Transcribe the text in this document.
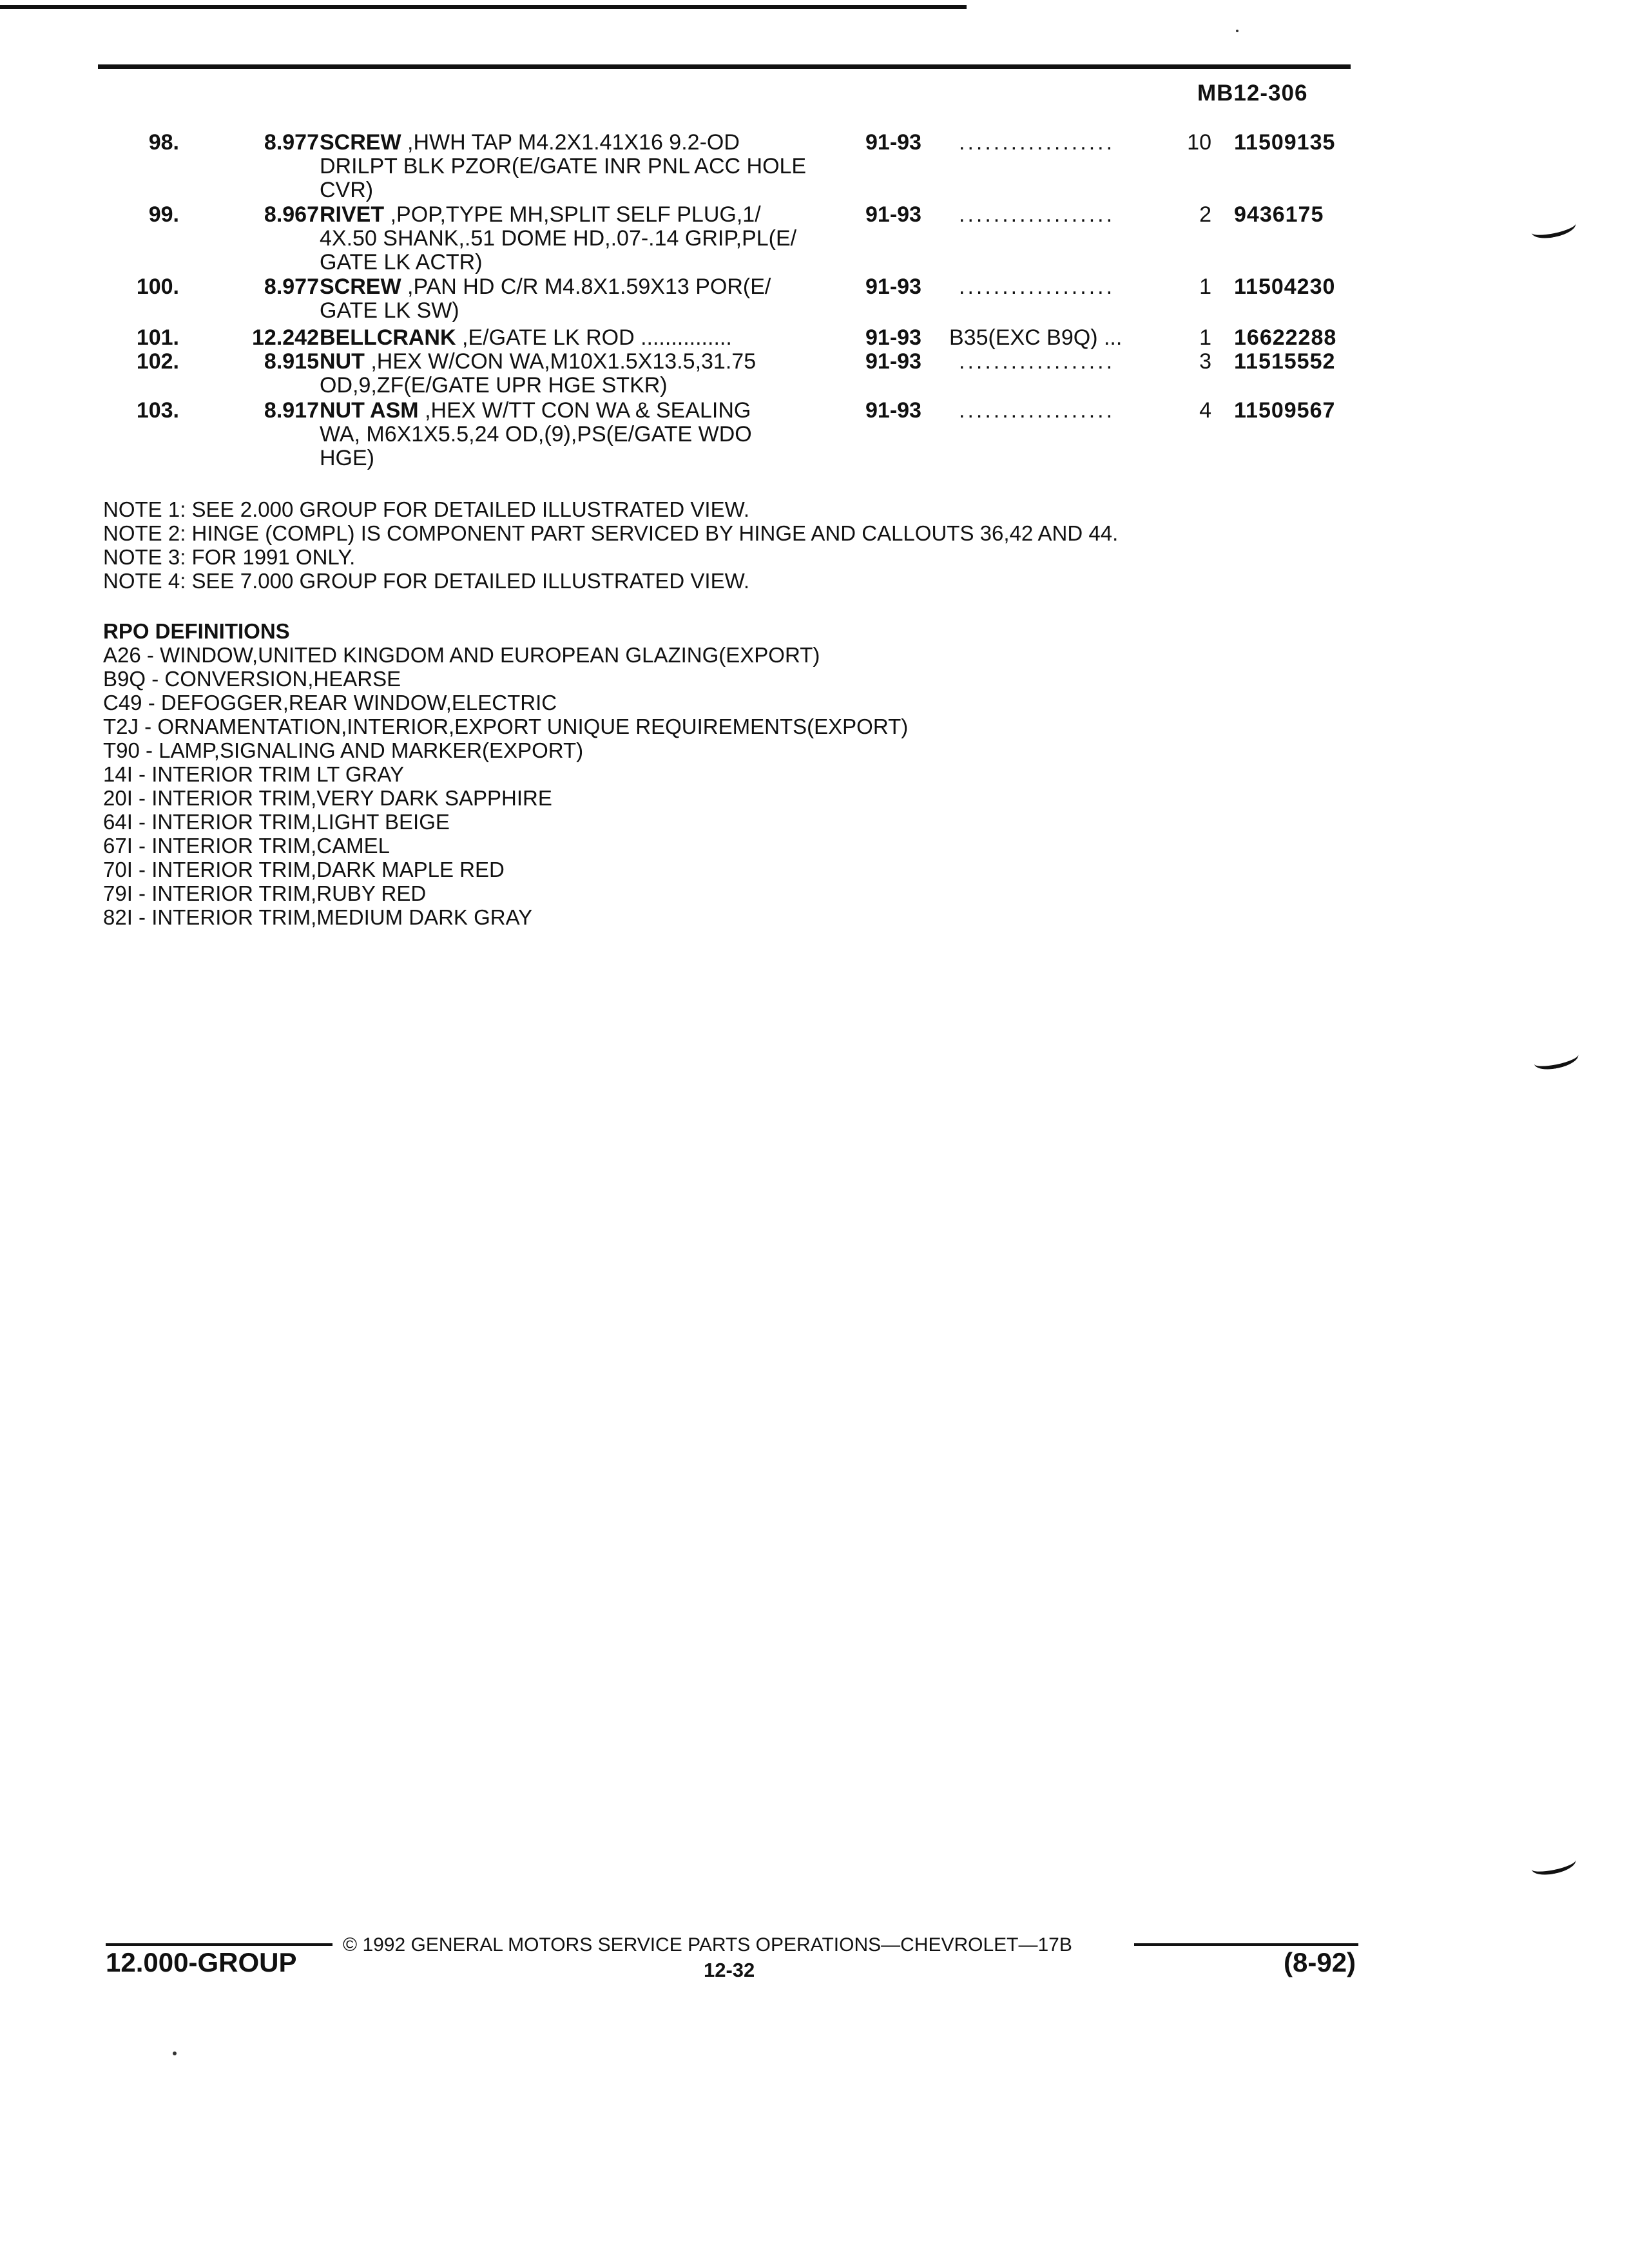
MB12-306
98.	8.977 SCREW ,HWH TAP M4.2X1.41X16 9.2-OD
DRILPT BLK PZOR(E/GATE INR PNL ACC HOLE
CVR)
91-93 ..................	10 11509135
99.	8.967 RIVET ,POP,TYPE MH,SPLIT SELF PLUG,1/
4X.50 SHANK,.51 DOME HD,.07-.14 GRIP,PL(E/
GATE LK ACTR)
91-93 ..................	2 9436175
100.	8.977 SCREW ,PAN HD C/R M4.8X1.59X13 POR(E/
GATE LK SW)
91-93 ..................	1 11504230
101.	12.242 BELLCRANK ,E/GATE LK ROD ...............	91-93 B35(EXC B9Q) ...	1 16622288
102.	8.915 NUT ,HEX W/CON WA,M10X1.5X13.5,31.75
OD,9,ZF(E/GATE UPR HGE STKR)
91-93 ..................	3 11515552
103.	8.917 NUT ASM ,HEX W/TT CON WA & SEALING
WA, M6X1X5.5,24 OD,(9),PS(E/GATE WDO
HGE)
91-93 ..................	4 11509567
NOTE 1: SEE 2.000 GROUP FOR DETAILED ILLUSTRATED VIEW.
NOTE 2: HINGE (COMPL) IS COMPONENT PART SERVICED BY HINGE AND CALLOUTS 36,42 AND 44.
NOTE 3: FOR 1991 ONLY.
NOTE 4: SEE 7.000 GROUP FOR DETAILED ILLUSTRATED VIEW.
RPO DEFINITIONS
A26 - WINDOW,UNITED KINGDOM AND EUROPEAN GLAZING(EXPORT)
B9Q - CONVERSION,HEARSE
C49 - DEFOGGER,REAR WINDOW,ELECTRIC
T2J - ORNAMENTATION,INTERIOR,EXPORT UNIQUE REQUIREMENTS(EXPORT)
T90 - LAMP,SIGNALING AND MARKER(EXPORT)
14I - INTERIOR TRIM LT GRAY
20I - INTERIOR TRIM,VERY DARK SAPPHIRE
64I - INTERIOR TRIM,LIGHT BEIGE
67I - INTERIOR TRIM,CAMEL
70I - INTERIOR TRIM,DARK MAPLE RED
79I - INTERIOR TRIM,RUBY RED
82I - INTERIOR TRIM,MEDIUM DARK GRAY
© 1992 GENERAL MOTORS SERVICE PARTS OPERATIONS—CHEVROLET—17B
12.000-GROUP	12-32	(8-92)
